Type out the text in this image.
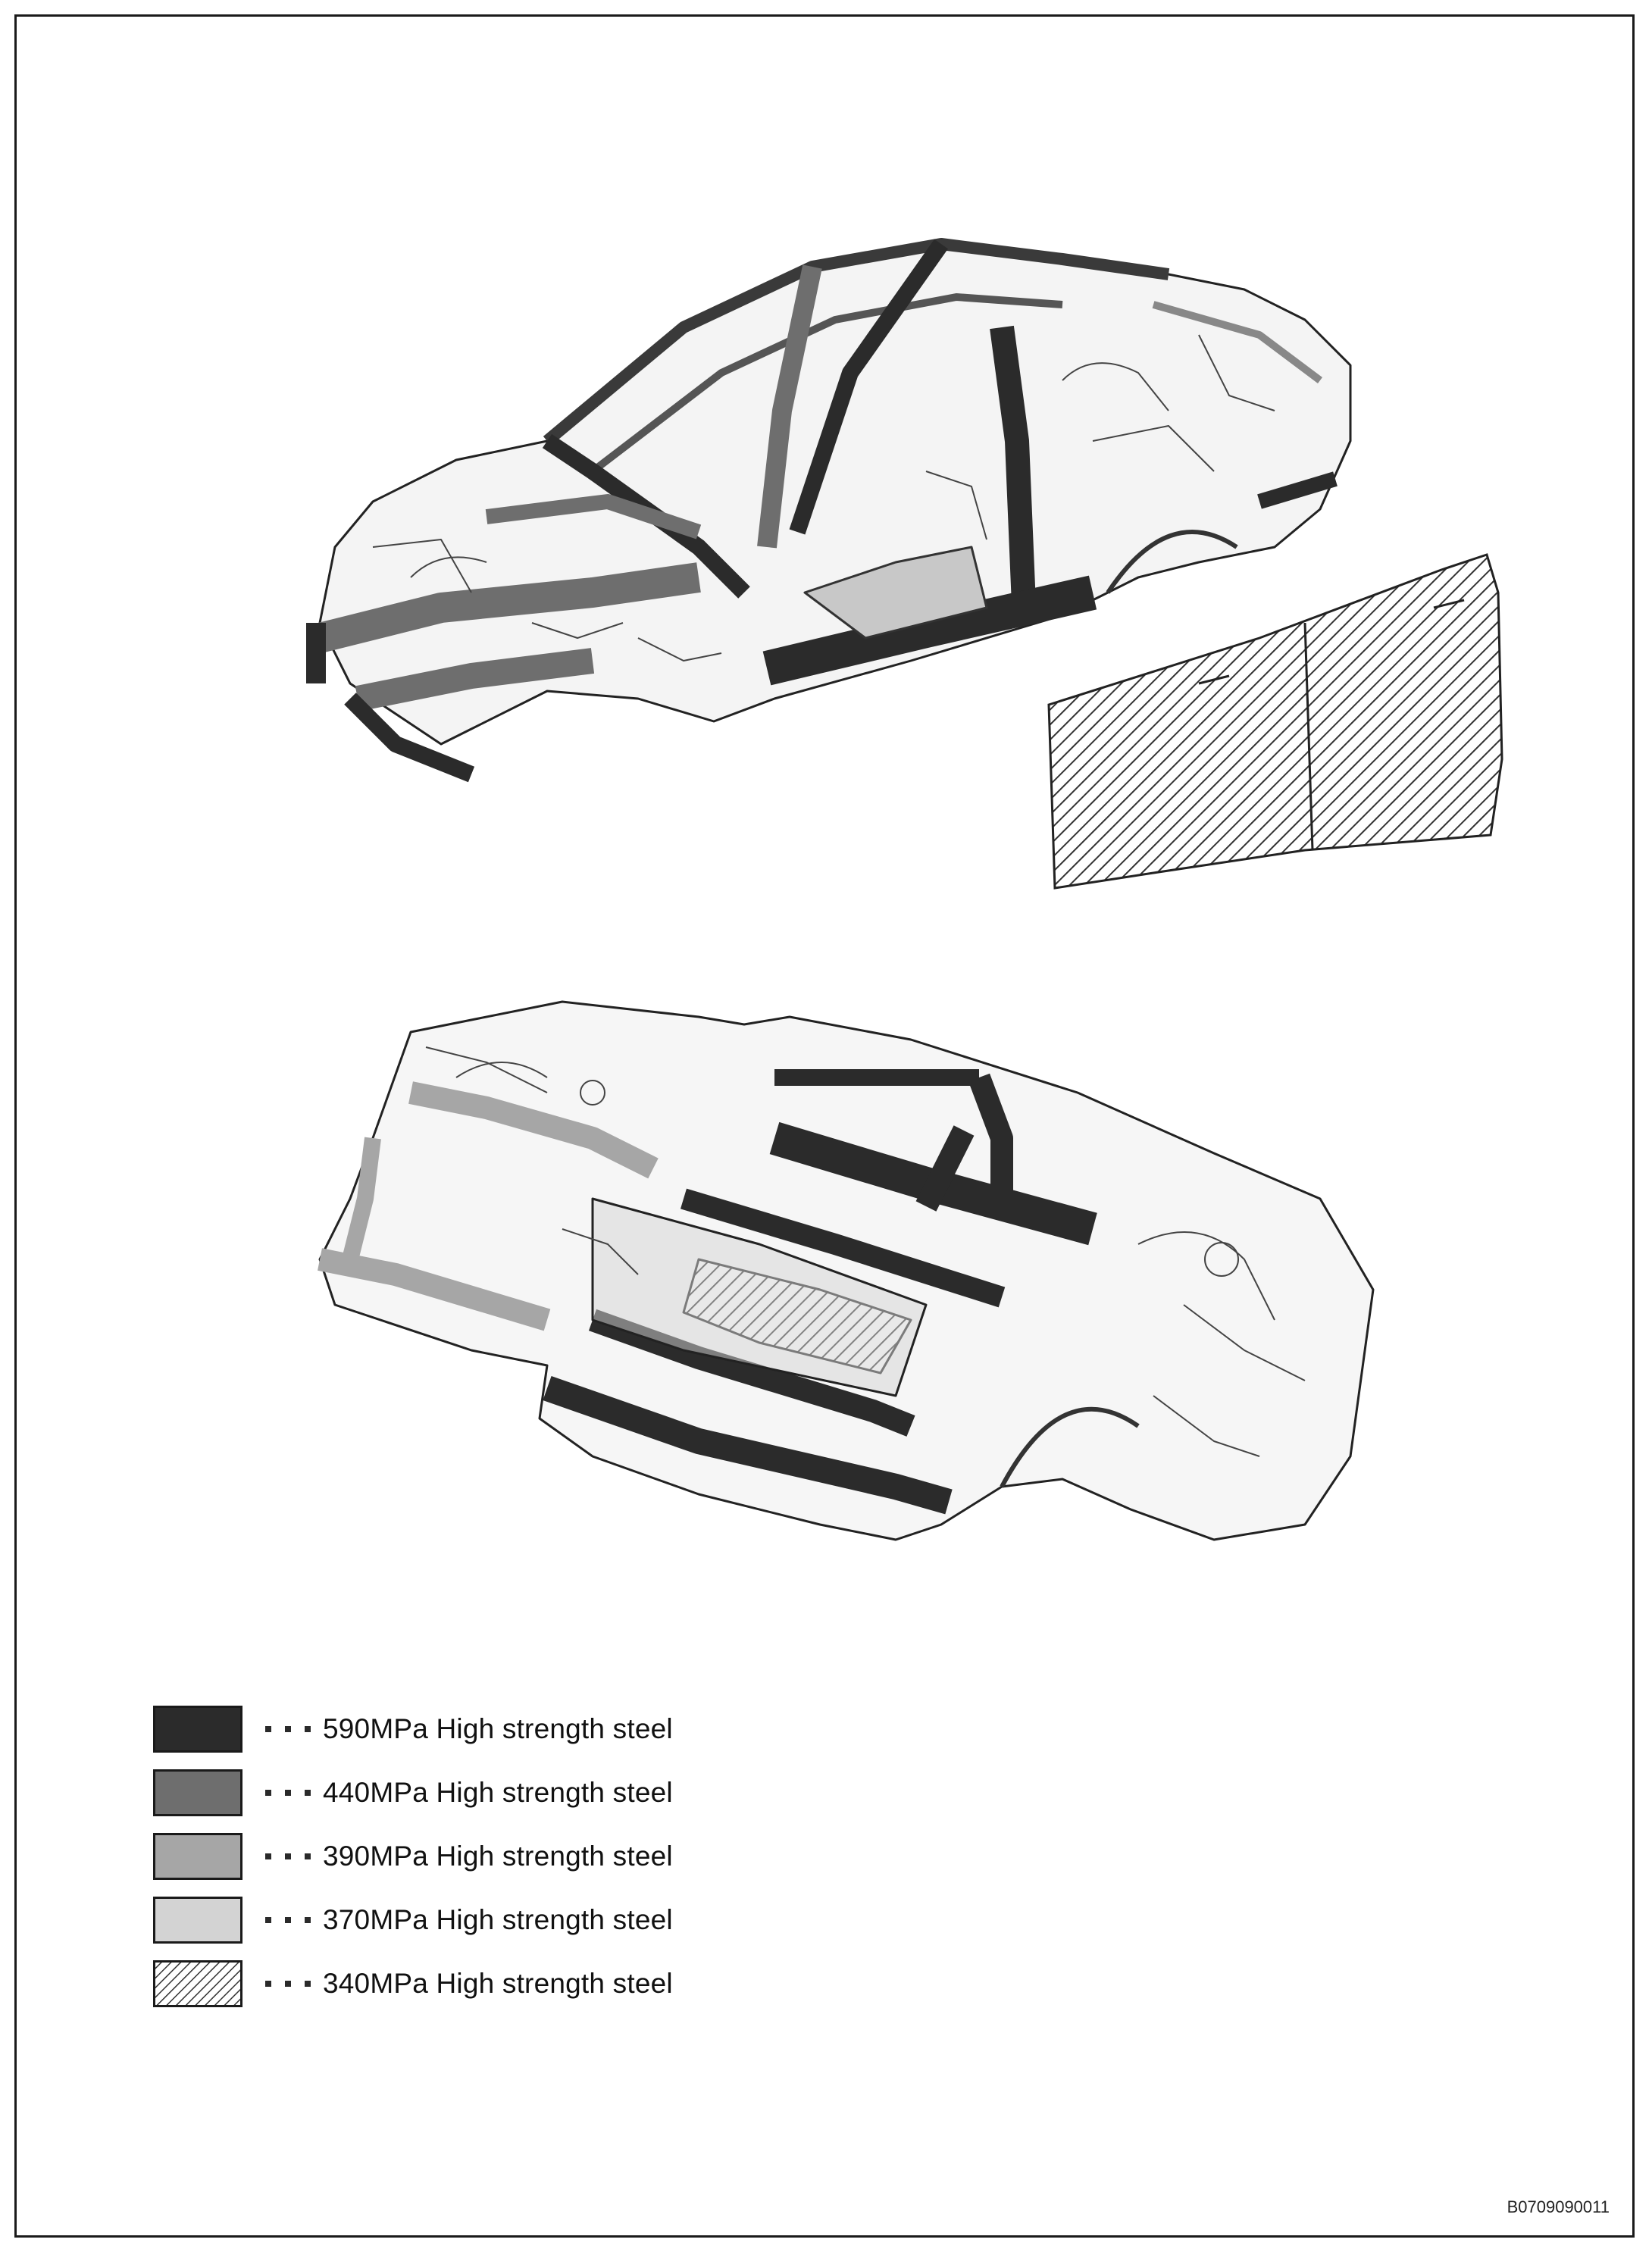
590MPa High strength steel
440MPa High strength steel
390MPa High strength steel
370MPa High strength steel
340MPa High strength steel
B0709090011
